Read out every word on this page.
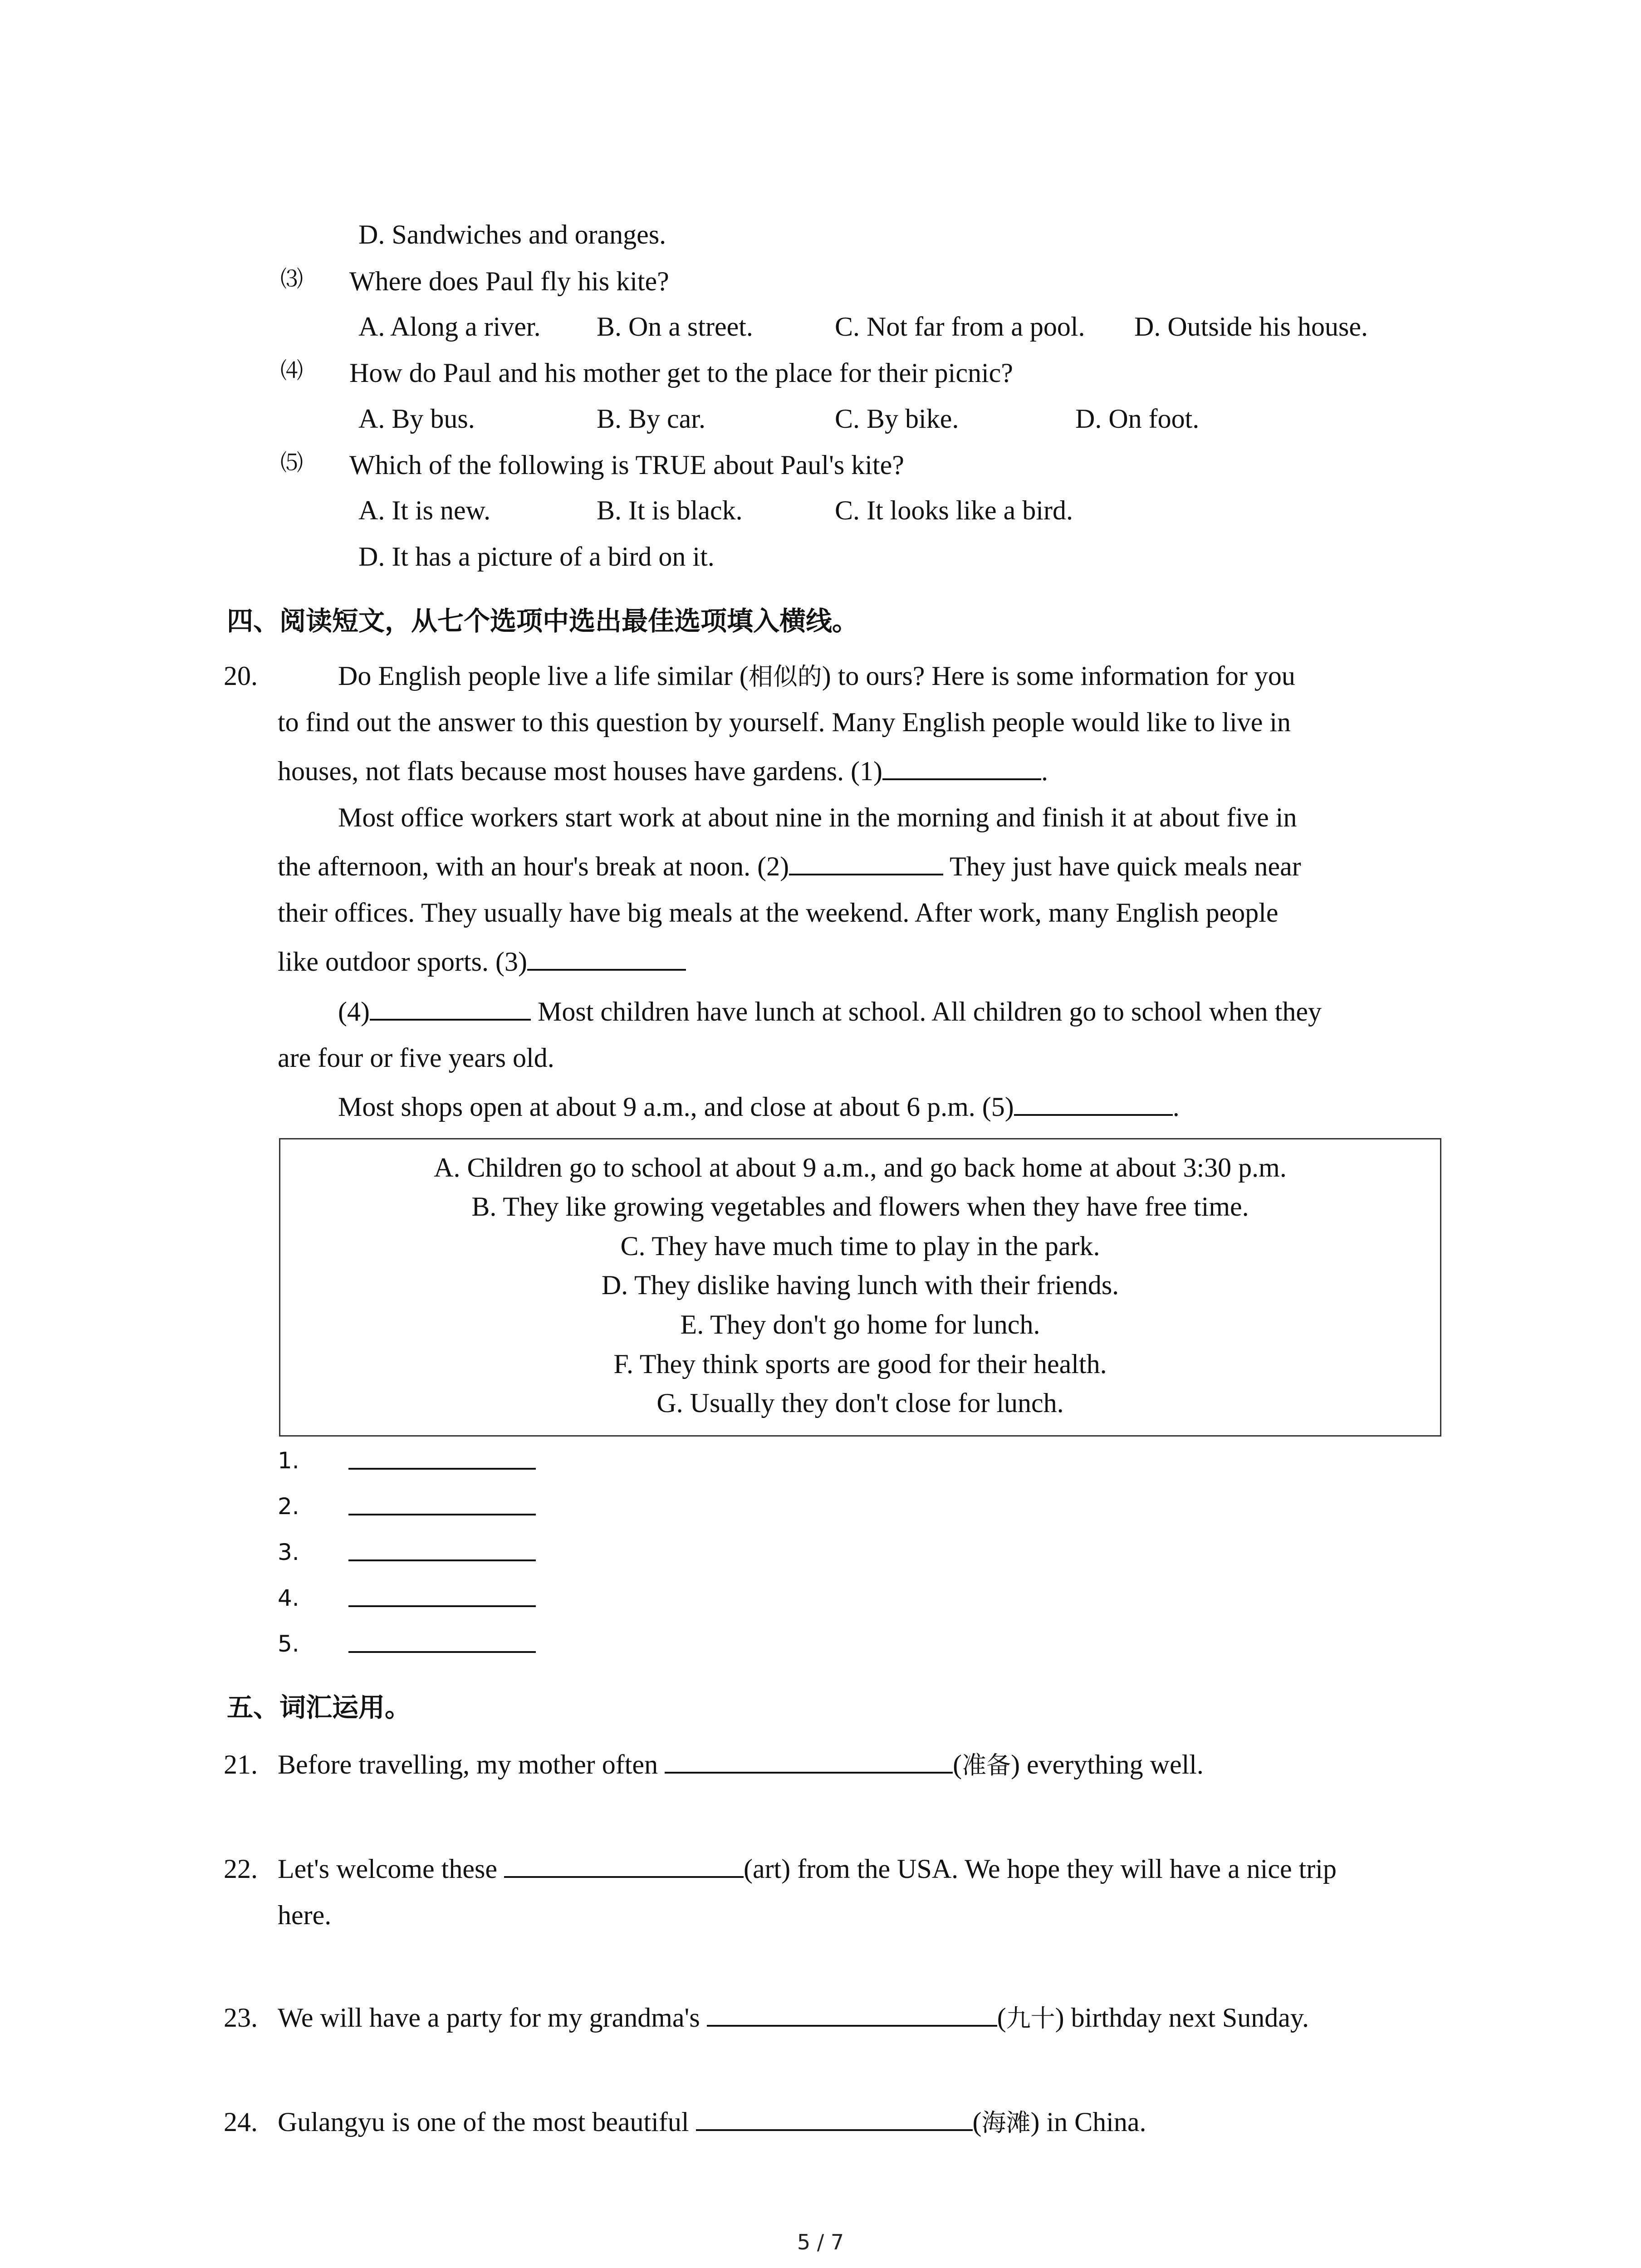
D. Sandwiches and oranges.
⑶ Where does Paul fly his kite?
A. Along a river. B. On a street.	C. Not far from a pool. D. Outside his house.
⑷ How do Paul and his mother get to the place for their picnic?
A. By bus.	B. By car.	C. By bike.	D. On foot.
⑸ Which of the following is TRUE about Paul's kite?
A. It is new.	B. It is black.	C. It looks like a bird.
D. It has a picture of a bird on it.
四、阅读短文，从七个选项中选出最佳选项填入横线。
20.	Do English people live a life similar (相似的) to ours? Here is some information for you
to find out the answer to this question by yourself. Many English people would like to live in
houses, not flats because most houses have gardens. (1)	.
Most office workers start work at about nine in the morning and finish it at about five in
the afternoon, with an hour's break at noon. (2)	They just have quick meals near
their offices. They usually have big meals at the weekend. After work, many English people
like outdoor sports. (3)
(4)	Most children have lunch at school. All children go to school when they
are four or five years old.
Most shops open at about 9 a.m., and close at about 6 p.m. (5)	.
A. Children go to school at about 9 a.m., and go back home at about 3:30 p.m.
B. They like growing vegetables and flowers when they have free time.
C. They have much time to play in the park.
D. They dislike having lunch with their friends.
E. They don't go home for lunch.
F. They think sports are good for their health.
G. Usually they don't close for lunch.
1.
2.
3.
4.
5.
五、词汇运用。
21. Before travelling, my mother often	(准备) everything well.
22. Let's welcome these	(art) from the USA. We hope they will have a nice trip
here.
23. We will have a party for my grandma's	(九十) birthday next Sunday.
24. Gulangyu is one of the most beautiful	(海滩) in China.
5 / 7
